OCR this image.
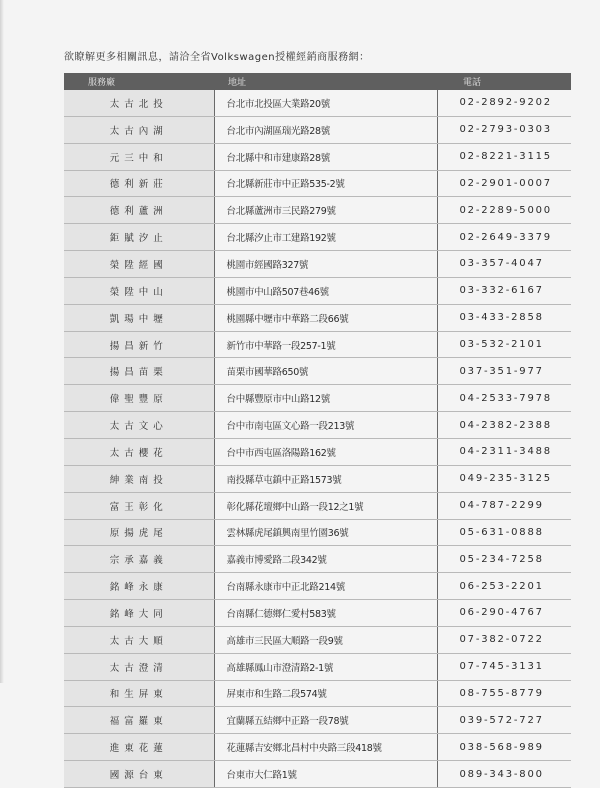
欲瞭解更多相關訊息，請洽全省Volkswagen授權經銷商服務網：
服務廠	地址	電話
太古北投	台北市北投區大業路20號	02-2892-9202
太古內湖	台北市內湖區瑞光路28號	02-2793-0303
元三中和	台北縣中和市建康路28號	02-8221-3115
德利新莊	台北縣新莊市中正路535-2號	02-2901-0007
德利蘆洲	台北縣蘆洲市三民路279號	02-2289-5000
鉅賦汐止	台北縣汐止市工建路192號	02-2649-3379
榮陞經國	桃園市經國路327號	03-357-4047
榮陞中山	桃園市中山路507巷46號	03-332-6167
凱瑒中壢	桃園縣中壢市中華路二段66號	03-433-2858
揚昌新竹	新竹市中華路一段257-1號	03-532-2101
揚昌苗栗	苗栗市國華路650號	037-351-977
偉聖豐原	台中縣豐原市中山路12號	04-2533-7978
太古文心	台中市南屯區文心路一段213號	04-2382-2388
太古櫻花	台中市西屯區洛陽路162號	04-2311-3488
紳業南投	南投縣草屯鎮中正路1573號	049-235-3125
富王彰化	彰化縣花壇鄉中山路一段12之1號	04-787-2299
原揚虎尾	雲林縣虎尾鎮興南里竹園36號	05-631-0888
宗承嘉義	嘉義市博愛路二段342號	05-234-7258
銘峰永康	台南縣永康市中正北路214號	06-253-2201
銘峰大同	台南縣仁德鄉仁愛村583號	06-290-4767
太古大順	高雄市三民區大順路一段9號	07-382-0722
太古澄清	高雄縣鳳山市澄清路2-1號	07-745-3131
和生屏東	屏東市和生路二段574號	08-755-8779
福富羅東	宜蘭縣五結鄉中正路一段78號	039-572-727
進東花蓮	花蓮縣吉安鄉北昌村中央路三段418號	038-568-989
國源台東	台東市大仁路1號	089-343-800
